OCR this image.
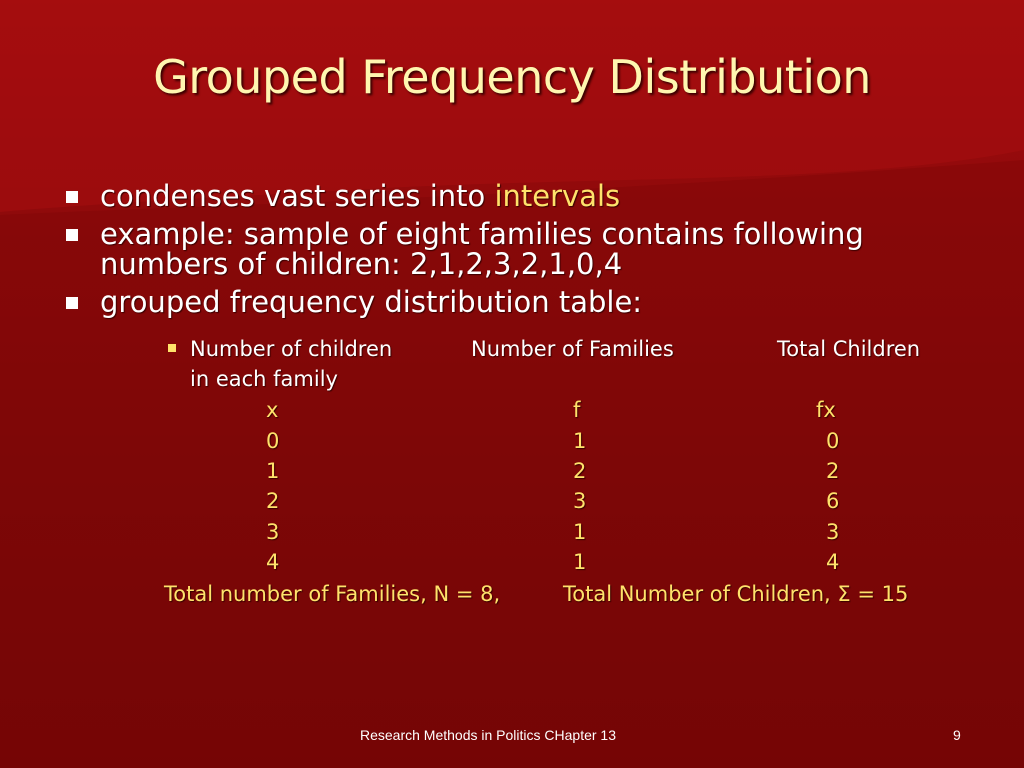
Grouped Frequency Distribution
condenses vast series into intervals
example: sample of eight families contains following numbers of children: 2,1,2,3,2,1,0,4
grouped frequency distribution table:
Number of children	Number of Families	Total Children
in each family
x	f	fx
0	1	0
1	2	2
2	3	6
3	1	3
4	1	4
Total number of Families, N = 8,	Total Number of Children, Σ = 15
Research Methods in Politics CHapter 13	9
